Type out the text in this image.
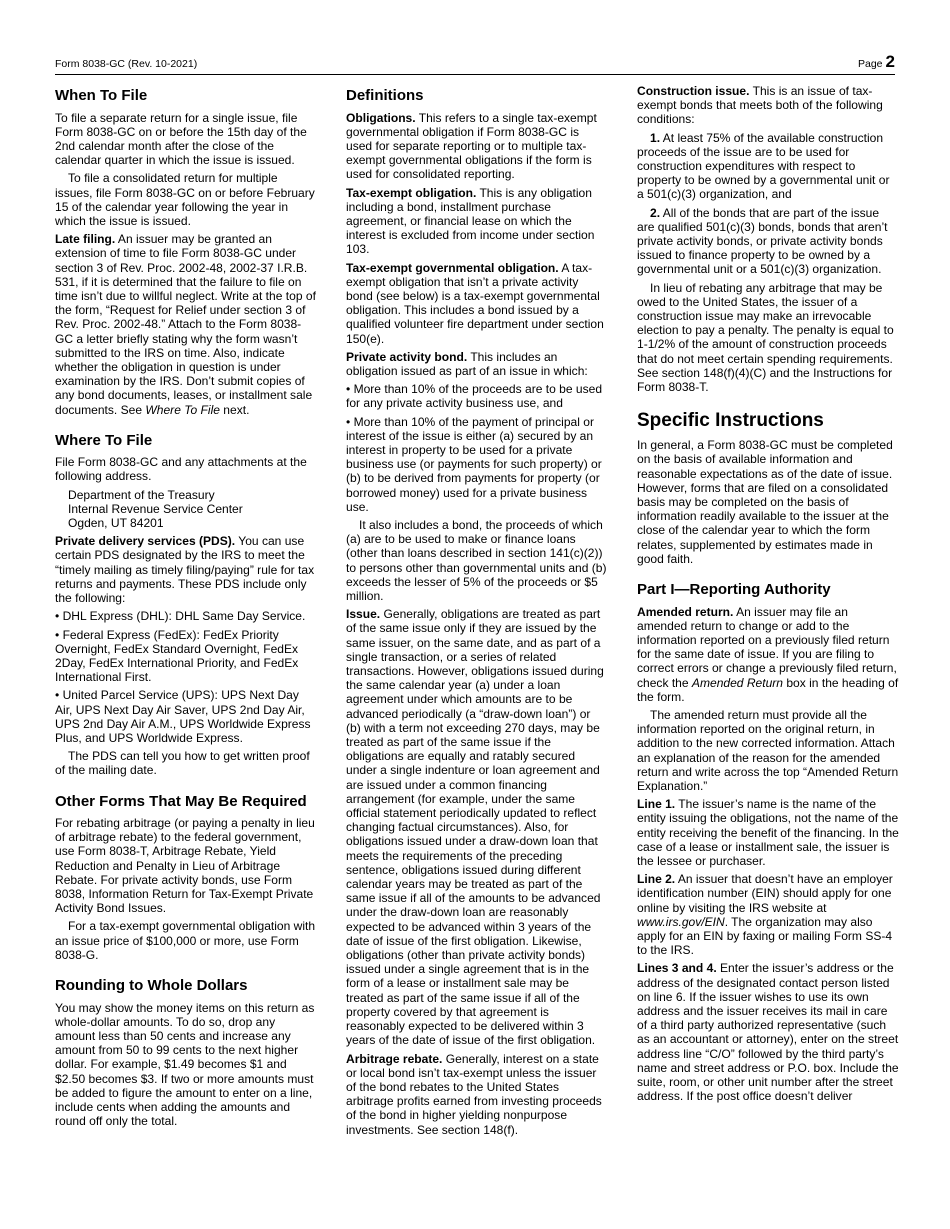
Form 8038-GC (Rev. 10-2021)	Page 2
When To File

To file a separate return for a single issue, file Form 8038-GC on or before the 15th day of the 2nd calendar month after the close of the calendar quarter in which the issue is issued.

To file a consolidated return for multiple issues, file Form 8038-GC on or before February 15 of the calendar year following the year in which the issue is issued.

Late filing. An issuer may be granted an extension of time to file Form 8038-GC under section 3 of Rev. Proc. 2002-48, 2002-37 I.R.B. 531, if it is determined that the failure to file on time isn’t due to willful neglect. Write at the top of the form, “Request for Relief under section 3 of Rev. Proc. 2002-48.” Attach to the Form 8038-GC a letter briefly stating why the form wasn’t submitted to the IRS on time. Also, indicate whether the obligation in question is under examination by the IRS. Don’t submit copies of any bond documents, leases, or installment sale documents. See Where To File next.

Where To File

File Form 8038-GC and any attachments at the following address.

Department of the Treasury
Internal Revenue Service Center
Ogden, UT 84201

Private delivery services (PDS). You can use certain PDS designated by the IRS to meet the “timely mailing as timely filing/paying” rule for tax returns and payments. These PDS include only the following:

• DHL Express (DHL): DHL Same Day Service.

• Federal Express (FedEx): FedEx Priority Overnight, FedEx Standard Overnight, FedEx 2Day, FedEx International Priority, and FedEx International First.

• United Parcel Service (UPS): UPS Next Day Air, UPS Next Day Air Saver, UPS 2nd Day Air, UPS 2nd Day Air A.M., UPS Worldwide Express Plus, and UPS Worldwide Express.

The PDS can tell you how to get written proof of the mailing date.

Other Forms That May Be Required

For rebating arbitrage (or paying a penalty in lieu of arbitrage rebate) to the federal government, use Form 8038-T, Arbitrage Rebate, Yield Reduction and Penalty in Lieu of Arbitrage Rebate. For private activity bonds, use Form 8038, Information Return for Tax-Exempt Private Activity Bond Issues.

For a tax-exempt governmental obligation with an issue price of $100,000 or more, use Form 8038-G.

Rounding to Whole Dollars

You may show the money items on this return as whole-dollar amounts. To do so, drop any amount less than 50 cents and increase any amount from 50 to 99 cents to the next higher dollar. For example, $1.49 becomes $1 and $2.50 becomes $3. If two or more amounts must be added to figure the amount to enter on a line, include cents when adding the amounts and round off only the total.

Definitions

Obligations. This refers to a single tax-exempt governmental obligation if Form 8038-GC is used for separate reporting or to multiple tax-exempt governmental obligations if the form is used for consolidated reporting.

Tax-exempt obligation. This is any obligation including a bond, installment purchase agreement, or financial lease on which the interest is excluded from income under section 103.

Tax-exempt governmental obligation. A tax-exempt obligation that isn’t a private activity bond (see below) is a tax-exempt governmental obligation. This includes a bond issued by a qualified volunteer fire department under section 150(e).

Private activity bond. This includes an obligation issued as part of an issue in which:

• More than 10% of the proceeds are to be used for any private activity business use, and

• More than 10% of the payment of principal or interest of the issue is either (a) secured by an interest in property to be used for a private business use (or payments for such property) or (b) to be derived from payments for property (or borrowed money) used for a private business use.

It also includes a bond, the proceeds of which (a) are to be used to make or finance loans (other than loans described in section 141(c)(2)) to persons other than governmental units and (b) exceeds the lesser of 5% of the proceeds or $5 million.

Issue. Generally, obligations are treated as part of the same issue only if they are issued by the same issuer, on the same date, and as part of a single transaction, or a series of related transactions. However, obligations issued during the same calendar year (a) under a loan agreement under which amounts are to be advanced periodically (a “draw-down loan”) or (b) with a term not exceeding 270 days, may be treated as part of the same issue if the obligations are equally and ratably secured under a single indenture or loan agreement and are issued under a common financing arrangement (for example, under the same official statement periodically updated to reflect changing factual circumstances). Also, for obligations issued under a draw-down loan that meets the requirements of the preceding sentence, obligations issued during different calendar years may be treated as part of the same issue if all of the amounts to be advanced under the draw-down loan are reasonably expected to be advanced within 3 years of the date of issue of the first obligation. Likewise, obligations (other than private activity bonds) issued under a single agreement that is in the form of a lease or installment sale may be treated as part of the same issue if all of the property covered by that agreement is reasonably expected to be delivered within 3 years of the date of issue of the first obligation.

Arbitrage rebate. Generally, interest on a state or local bond isn’t tax-exempt unless the issuer of the bond rebates to the United States arbitrage profits earned from investing proceeds of the bond in higher yielding nonpurpose investments. See section 148(f).

Construction issue. This is an issue of tax-exempt bonds that meets both of the following conditions:

1. At least 75% of the available construction proceeds of the issue are to be used for construction expenditures with respect to property to be owned by a governmental unit or a 501(c)(3) organization, and

2. All of the bonds that are part of the issue are qualified 501(c)(3) bonds, bonds that aren’t private activity bonds, or private activity bonds issued to finance property to be owned by a governmental unit or a 501(c)(3) organization.

In lieu of rebating any arbitrage that may be owed to the United States, the issuer of a construction issue may make an irrevocable election to pay a penalty. The penalty is equal to 1-1/2% of the amount of construction proceeds that do not meet certain spending requirements. See section 148(f)(4)(C) and the Instructions for Form 8038-T.

Specific Instructions

In general, a Form 8038-GC must be completed on the basis of available information and reasonable expectations as of the date of issue. However, forms that are filed on a consolidated basis may be completed on the basis of information readily available to the issuer at the close of the calendar year to which the form relates, supplemented by estimates made in good faith.

Part I—Reporting Authority

Amended return. An issuer may file an amended return to change or add to the information reported on a previously filed return for the same date of issue. If you are filing to correct errors or change a previously filed return, check the Amended Return box in the heading of the form.

The amended return must provide all the information reported on the original return, in addition to the new corrected information. Attach an explanation of the reason for the amended return and write across the top “Amended Return Explanation.”

Line 1. The issuer’s name is the name of the entity issuing the obligations, not the name of the entity receiving the benefit of the financing. In the case of a lease or installment sale, the issuer is the lessee or purchaser.

Line 2. An issuer that doesn’t have an employer identification number (EIN) should apply for one online by visiting the IRS website at www.irs.gov/EIN. The organization may also apply for an EIN by faxing or mailing Form SS-4 to the IRS.

Lines 3 and 4. Enter the issuer’s address or the address of the designated contact person listed on line 6. If the issuer wishes to use its own address and the issuer receives its mail in care of a third party authorized representative (such as an accountant or attorney), enter on the street address line “C/O” followed by the third party’s name and street address or P.O. box. Include the suite, room, or other unit number after the street address. If the post office doesn’t deliver
